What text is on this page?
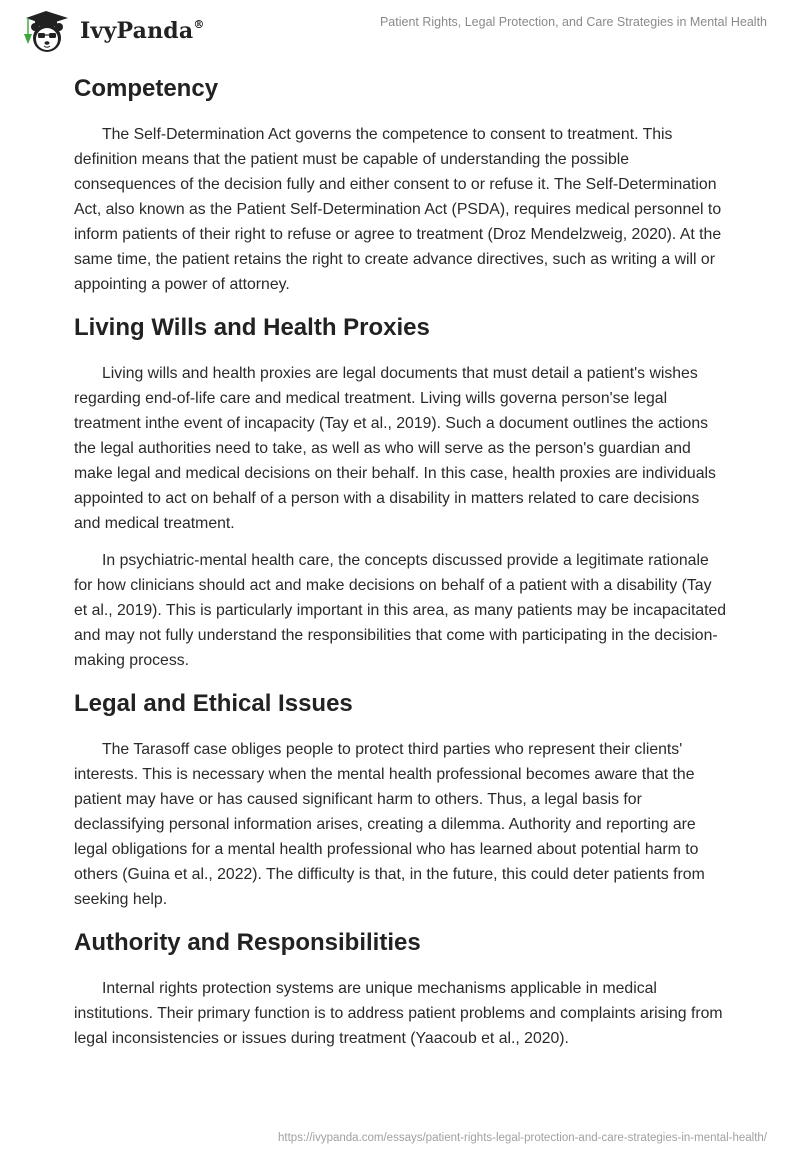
IvyPanda®	Patient Rights, Legal Protection, and Care Strategies in Mental Health
Competency

The Self-Determination Act governs the competence to consent to treatment. This definition means that the patient must be capable of understanding the possible consequences of the decision fully and either consent to or refuse it. The Self-Determination Act, also known as the Patient Self-Determination Act (PSDA), requires medical personnel to inform patients of their right to refuse or agree to treatment (Droz Mendelzweig, 2020). At the same time, the patient retains the right to create advance directives, such as writing a will or appointing a power of attorney.

Living Wills and Health Proxies

Living wills and health proxies are legal documents that must detail a patient's wishes regarding end-of-life care and medical treatment. Living wills governa person'se legal treatment inthe event of incapacity (Tay et al., 2019). Such a document outlines the actions the legal authorities need to take, as well as who will serve as the person's guardian and make legal and medical decisions on their behalf. In this case, health proxies are individuals appointed to act on behalf of a person with a disability in matters related to care decisions and medical treatment.

In psychiatric-mental health care, the concepts discussed provide a legitimate rationale for how clinicians should act and make decisions on behalf of a patient with a disability (Tay et al., 2019). This is particularly important in this area, as many patients may be incapacitated and may not fully understand the responsibilities that come with participating in the decision-making process.

Legal and Ethical Issues

The Tarasoff case obliges people to protect third parties who represent their clients' interests. This is necessary when the mental health professional becomes aware that the patient may have or has caused significant harm to others. Thus, a legal basis for declassifying personal information arises, creating a dilemma. Authority and reporting are legal obligations for a mental health professional who has learned about potential harm to others (Guina et al., 2022). The difficulty is that, in the future, this could deter patients from seeking help.

Authority and Responsibilities

Internal rights protection systems are unique mechanisms applicable in medical institutions. Their primary function is to address patient problems and complaints arising from legal inconsistencies or issues during treatment (Yaacoub et al., 2020).

https://ivypanda.com/essays/patient-rights-legal-protection-and-care-strategies-in-mental-health/
